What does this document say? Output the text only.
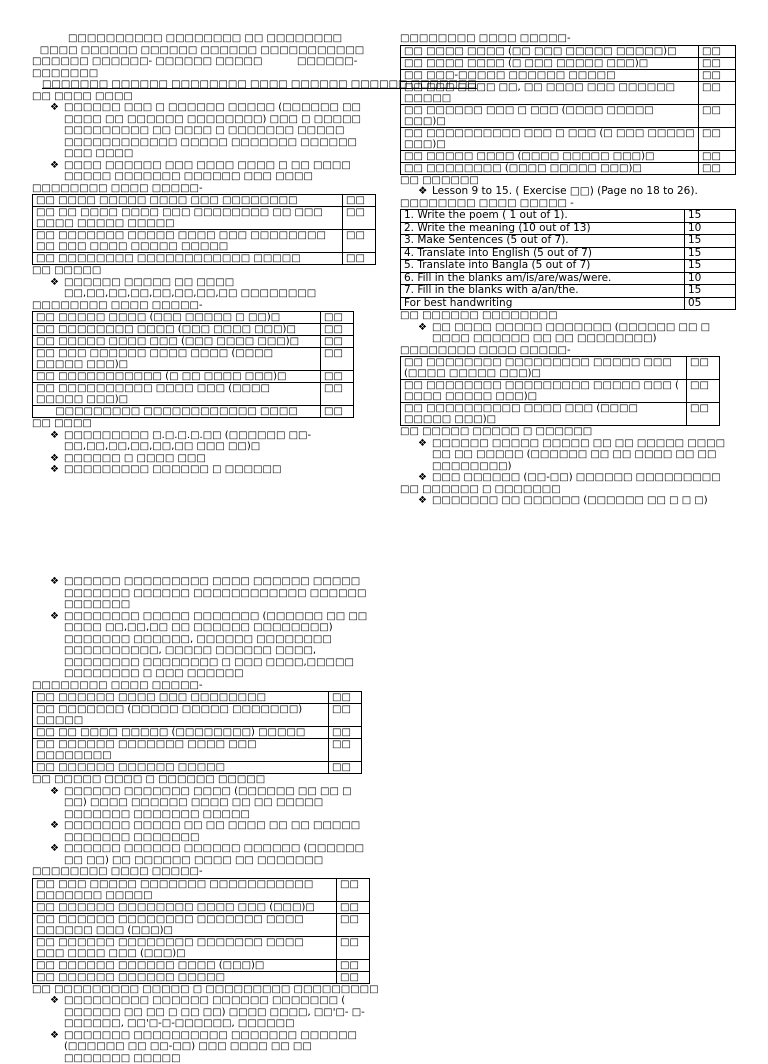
□□□□□□□□□□ □□□□□□□□ □□ □□□□□□□□
□□□□ □□□□□□ □□□□□□ □□□□□□ □□□□□□□□□□□
□□□□□□ □□□□□□- □□□□□□ □□□□□	□□□□□□-
□□□□□□□
□□□□□□□ □□□□□□ □□□□□□□□ □□□□ □□□□□□ □□□□□□ □□□□□□□
□□ □□□□ □□□□
❖ □□□□□□ □□□ □ □□□□□□ □□□□□ (□□□□□□ □□ □□□□ □□ □□□□□□ □□□□□□□□) □□□ □ □□□□□ □□□□□□□□□ □□ □□□□ □ □□□□□□□ □□□□□ □□□□□□□□□□□□ □□□□□ □□□□□□□ □□□□□□ □□□ □□□□
❖ □□□□ □□□□□□ □□□ □□□□ □□□□ □ □□ □□□□ □□□□□ □□□□□□□ □□□□□□ □□□ □□□□
□□□□□□□□ □□□□ □□□□□-
□□ □□□□ □□□□□ □□□□ □□□ □□□□□□□□	□□
□□ □□ □□□□ □□□□ □□□ □□□□□□□□ □□ □□□ □□□□ □□□□□ □□□□□	□□
□□ □□□□□□□ □□□□□ □□□□ □□□ □□□□□□□□ □□ □□□ □□□□ □□□□□ □□□□□	□□
□□ □□□□□□□□ □□□□□□□□□□□□ □□□□□	□□
□□ □□□□□
❖ □□□□□□ □□□□□ □□ □□□□ □□,□□,□□,□□,□□,□□,□□,□□ □□□□□□□□
□□□□□□□□ □□□□ □□□□□-
□□ □□□□□ □□□□ (□□□ □□□□□ □ □□)□	□□
□□ □□□□□□□□ □□□□ (□□□ □□□□ □□□)□	□□
□□ □□□□□ □□□□ □□□ (□□□ □□□□ □□□)□	□□
□□ □□□ □□□□□□ □□□□ □□□□ (□□□□ □□□□□ □□□)□	□□
□□ □□□□□□□□□□□ (□ □□ □□□□ □□□)□	□□
□□ □□□□□□□□□□ □□□□ □□□ (□□□□ □□□□□ □□□)□	□□
□□□□□□□□□ □□□□□□□□□□□□ □□□□	□□
□□ □□□□
❖ □□□□□□□□□ □.□.□.□.□□ (□□□□□□ □□- □□,□□,□□,□□,□□,□□ □□□ □□)□
❖ □□□□□□ □ □□□□ □□□
❖ □□□□□□□□□ □□□□□□ □ □□□□□□
❖ □□□□□□ □□□□□□□□□ □□□□ □□□□□□ □□□□□ □□□□□□□ □□□□□□ □□□□□□□□□□□□ □□□□□□ □□□□□□□
❖ □□□□□□□□ □□□□□ □□□□□□□ (□□□□□□ □□ □□ □□□□ □□,□□,□□ □□ □□□□□□ □□□□□□□□) □□□□□□□ □□□□□□, □□□□□□ □□□□□□□□ □□□□□□□□□□, □□□□□ □□□□□□ □□□□, □□□□□□□□ □□□□□□□□ □ □□□ □□□□,□□□□□ □□□□□□□□ □ □□□ □□□□□□
□□□□□□□□ □□□□ □□□□□-
□□ □□□□□□ □□□□ □□□ □□□□□□□□	□□
□□ □□□□□□□ (□□□□□ □□□□□ □□□□□□□) □□□□□	□□
□□ □□ □□□□ □□□□□ (□□□□□□□□) □□□□□	□□
□□ □□□□□□ □□□□□□□ □□□□ □□□ □□□□□□□□	□□
□□ □□□□□□ □□□□□□ □□□□□	□□
□□ □□□□□ □□□□ □ □□□□□□ □□□□□
❖ □□□□□□ □□□□□□□ □□□□ (□□□□□□ □□ □□ □ □□) □□□□ □□□□□□ □□□□ □□ □□ □□□□□ □□□□□□□ □□□□□□□ □□□□□
❖ □□□□□□□ □□□□□ □□ □□ □□□□ □□ □□ □□□□□ □□□□□□□ □□□□□□□
❖ □□□□□□ □□□□□□ □□□□□□ □□□□□□ (□□□□□□ □□ □□) □□ □□□□□□ □□□□ □□ □□□□□□□
□□□□□□□□ □□□□ □□□□□-
□□ □□□ □□□□□ □□□□□□□ □□□□□□□□□□□ □□□□□□□ □□□□□	□□
□□ □□□□□□ □□□□□□□□ □□□□ □□□ (□□□)□	□□
□□ □□□□□□ □□□□□□□□ □□□□□□□ □□□□ □□□□□□ □□□ (□□□)□	□□
□□ □□□□□□ □□□□□□□□ □□□□□□□ □□□□ □□□ □□□□ □□□ (□□□)□	□□
□□ □□□□□□ □□□□□□ □□□□ (□□□)□	□□
□□ □□□□□□ □□□□□□ □□□□□	□□
□□ □□□□□□□□□ □□□□□ □ □□□□□□□□□ □□□□□□□□□
❖ □□□□□□□□□ □□□□□□ □□□□□□ □□□□□□□ ( □□□□□□ □□ □□ □ □□ □□) □□□□ □□□□, □□'□- □-□□□□□□, □□'□-□-□□□□□□, □□□□□□
❖ □□□□□□□ □□□□□□□□□□ □□□□□□□ □□□□□□ (□□□□□□ □□ □□-□□) □□□ □□□□ □□ □□ □□□□□□□ □□□□□
□□□□□□□□ □□□□ □□□□□-
□□ □□□□ □□□□ (□□ □□□ □□□□□ □□□□□)□	□□
□□ □□□□ □□□□ (□ □□□ □□□□□ □□□)□	□□
□□ □□□-□□□□□ □□□□□□ □□□□□	□□
□□ □□□ □□□□ □□, □□ □□□□ □□□ □□□□□□ □□□□□	□□
□□ □□□□□□ □□□ □ □□□ (□□□□ □□□□□ □□□)□	□□
□□ □□□□□□□□□□ □□□ □ □□□ (□ □□□ □□□□□ □□□)□	□□
□□ □□□□□ □□□□ (□□□□ □□□□□ □□□)□	□□
□□ □□□□□□□□ (□□□□ □□□□□ □□□)□	□□
□□ □□□□□□
❖ Lesson 9 to 15. ( Exercise □□) (Page no 18 to 26).
□□□□□□□□ □□□□ □□□□□ -
1. Write the poem ( 1 out of 1).	15
2. Write the meaning (10 out of 13)	10
3. Make Sentences (5 out of 7).	15
4. Translate into English (5 out of 7)	15
5. Translate into Bangla (5 out of 7)	15
6. Fill in the blanks am/is/are/was/were.	10
7. Fill in the blanks with a/an/the.	15
For best handwriting	05
□□ □□□□□□ □□□□□□□□
❖ □□ □□□□ □□□□□ □□□□□□□ (□□□□□□ □□ □ □□□□ □□□□□□ □□ □□ □□□□□□□□)
□□□□□□□□ □□□□ □□□□□-
□□ □□□□□□□□ □□□□□□□□□ □□□□□ □□□ (□□□□ □□□□□ □□□)□	□□
□□ □□□□□□□□ □□□□□□□□□ □□□□□ □□□ ( □□□□ □□□□□ □□□)□	□□
□□ □□□□□□□□□□ □□□□ □□□ (□□□□ □□□□□ □□□)□	□□
□□ □□□□□ □□□□□ □ □□□□□□
❖ □□□□□□ □□□□□ □□□□□ □□ □□ □□□□□ □□□□ □□ □□ □□□□□ (□□□□□□ □□ □□ □□□□ □□ □□ □□□□□□□□)
❖ □□□ □□□□□□ (□□-□□) □□□□□□ □□□□□□□□□
□□ □□□□□□ □ □□□□□□□
❖ □□□□□□□ □□ □□□□□□ (□□□□□□ □□ □ □ □)
